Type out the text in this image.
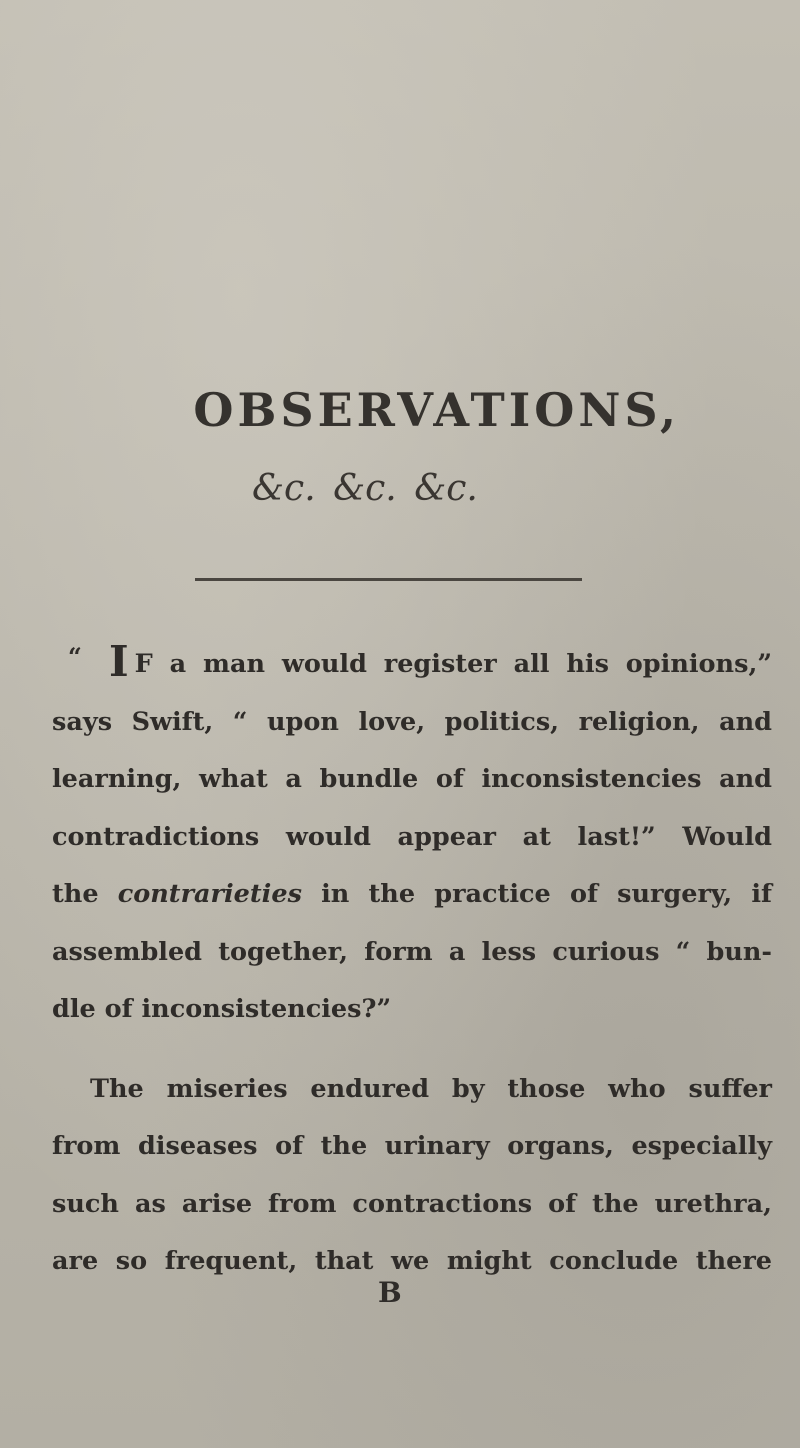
OBSERVATIONS,
&c. &c. &c.
“ I F a man would register all his opinions,”
says Swift, “ upon love, politics, religion, and
learning, what a bundle of inconsistencies and
contradictions would appear at last!” Would
the contrarieties in the practice of surgery, if
assembled together, form a less curious “ bun-
dle of inconsistencies?”
The miseries endured by those who suffer
from diseases of the urinary organs, especially
such as arise from contractions of the urethra,
are so frequent, that we might conclude there
B
